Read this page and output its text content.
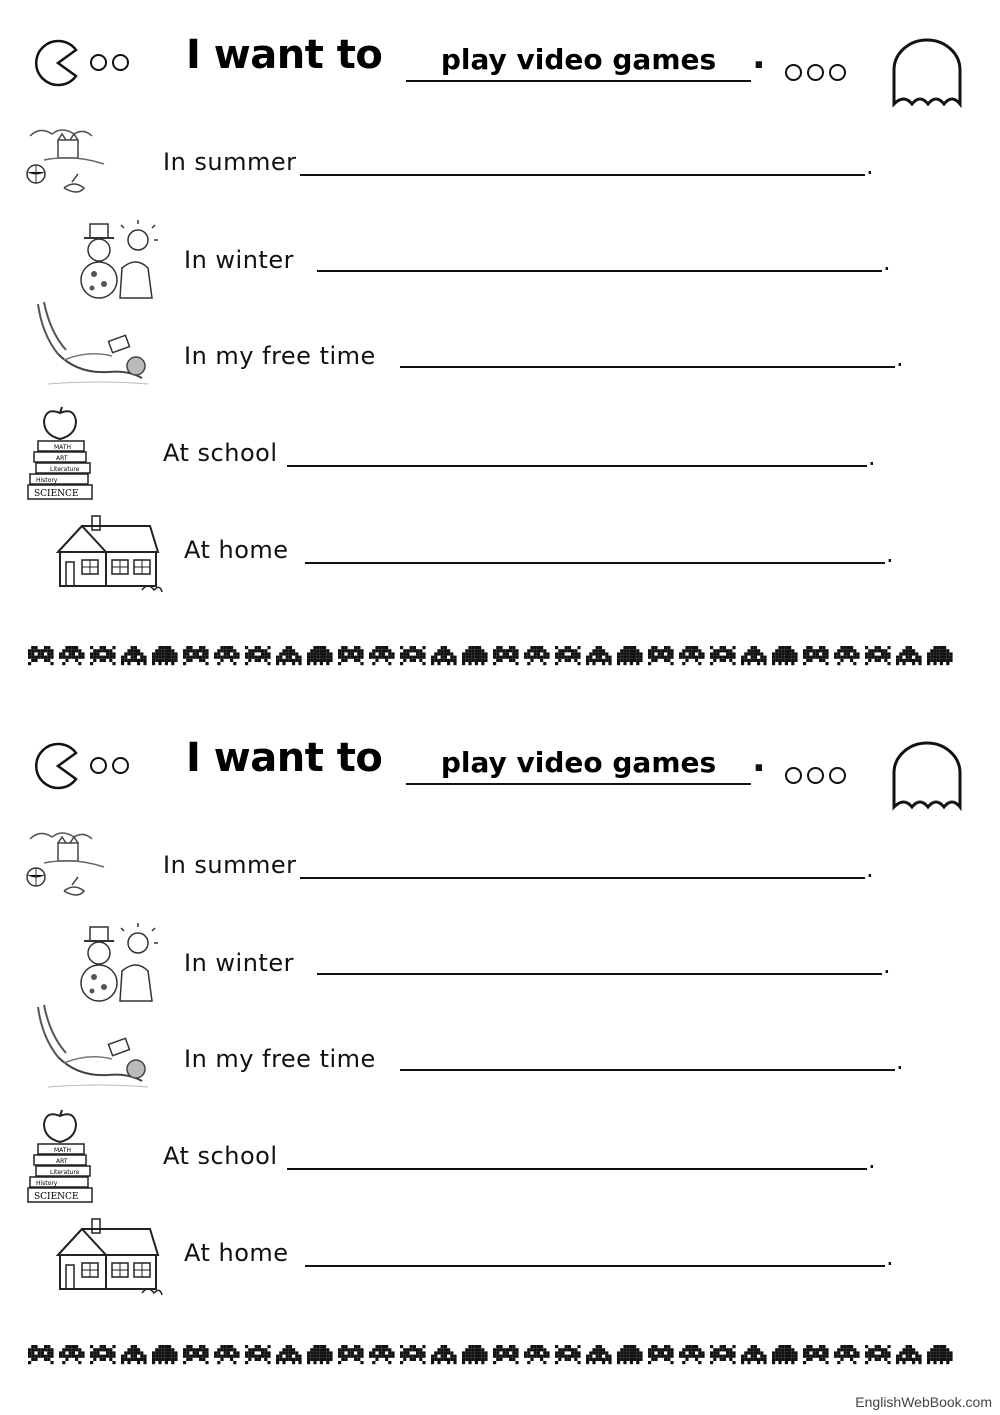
I want to	play video games .
In summer	.
In winter	.
In my free time	.
MATH
ART
Literature
History
SCIENCE
At school	.
At home	.
I want to	play video games .
In summer	.
In winter	.
In my free time	.
MATH
ART
Literature
History
SCIENCE
At school	.
At home	.
EnglishWebBook.com
